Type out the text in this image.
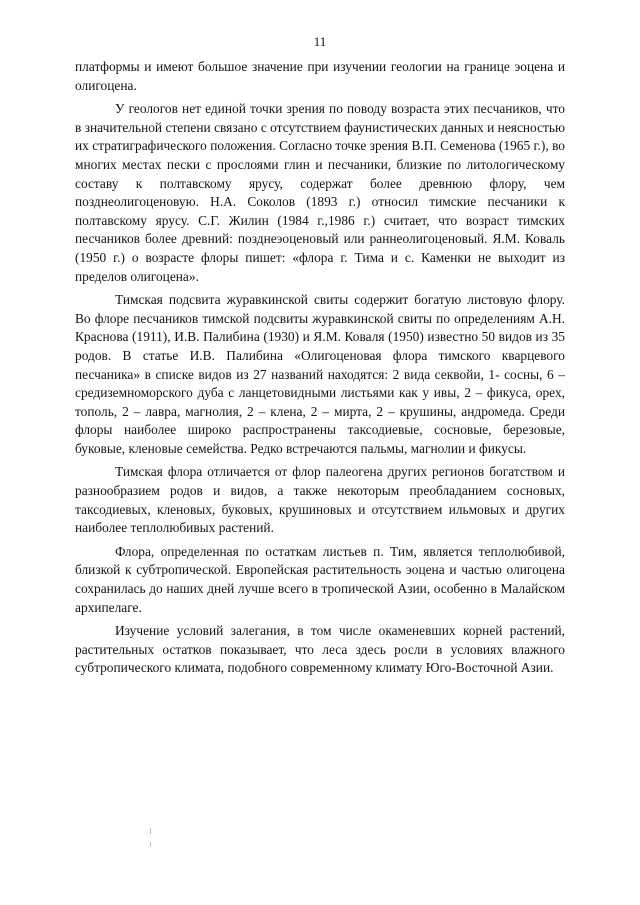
11

платформы и имеют большое значение при изучении геологии на границе эоцена и олигоцена.

У геологов нет единой точки зрения по поводу возраста этих песчаников, что в значительной степени связано с отсутствием фаунистических данных и неясностью их стратиграфического положения. Согласно точке зрения В.П. Семенова (1965 г.), во многих местах пески с прослоями глин и песчаники, близкие по литологическому составу к полтавскому ярусу, содержат более древнюю флору, чем позднеолигоценовую. Н.А. Соколов (1893 г.) относил тимские песчаники к полтавскому ярусу. С.Г. Жилин (1984 г.,1986 г.) считает, что возраст тимских песчаников более древний: позднеэоценовый или раннеолигоценовый. Я.М. Коваль (1950 г.) о возрасте флоры пишет: «флора г. Тима и с. Каменки не выходит из пределов олигоцена».

Тимская подсвита журавкинской свиты содержит богатую листовую флору. Во флоре песчаников тимской подсвиты журавкинской свиты по определениям А.Н. Краснова (1911), И.В. Палибина (1930) и Я.М. Коваля (1950) известно 50 видов из 35 родов. В статье И.В. Палибина «Олигоценовая флора тимского кварцевого песчаника» в списке видов из 27 названий находятся: 2 вида секвойи, 1- сосны, 6 – средиземноморского дуба с ланцетовидными листьями как у ивы, 2 – фикуса, орех, тополь, 2 – лавра, магнолия, 2 – клена, 2 – мирта, 2 – крушины, андромеда. Среди флоры наиболее широко распространены таксодиевые, сосновые, березовые, буковые, кленовые семейства. Редко встречаются пальмы, магнолии и фикусы.

Тимская флора отличается от флор палеогена других регионов богатством и разнообразием родов и видов, а также некоторым преобладанием сосновых, таксодиевых, кленовых, буковых, крушиновых и отсутствием ильмовых и других наиболее теплолюбивых растений.

Флора, определенная по остаткам листьев п. Тим, является теплолюбивой, близкой к субтропической. Европейская растительность эоцена и частью олигоцена сохранилась до наших дней лучше всего в тропической Азии, особенно в Малайском архипелаге.

Изучение условий залегания, в том числе окаменевших корней растений, растительных остатков показывает, что леса здесь росли в условиях влажного субтропического климата, подобного современному климату Юго-Восточной Азии.
